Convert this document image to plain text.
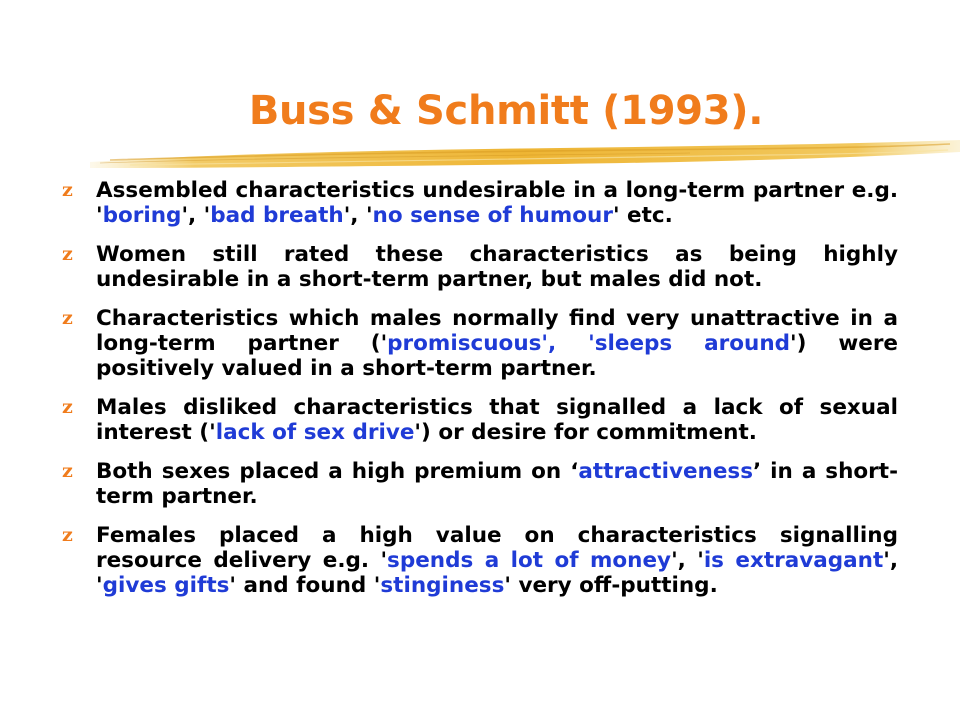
Buss & Schmitt (1993).
z	Assembled characteristics undesirable in a long-term partner e.g. 'boring', 'bad breath', 'no sense of humour' etc.
z	Women still rated these characteristics as being highly undesirable in a short-term partner, but males did not.
z	Characteristics which males normally find very unattractive in a long-term partner ('promiscuous', 'sleeps around') were positively valued in a short-term partner.
z	Males disliked characteristics that signalled a lack of sexual interest ('lack of sex drive') or desire for commitment.
z	Both sexes placed a high premium on ‘attractiveness’ in a short-term partner.
z	Females placed a high value on characteristics signalling resource delivery e.g. 'spends a lot of money', 'is extravagant', 'gives gifts' and found 'stinginess' very off-putting.
